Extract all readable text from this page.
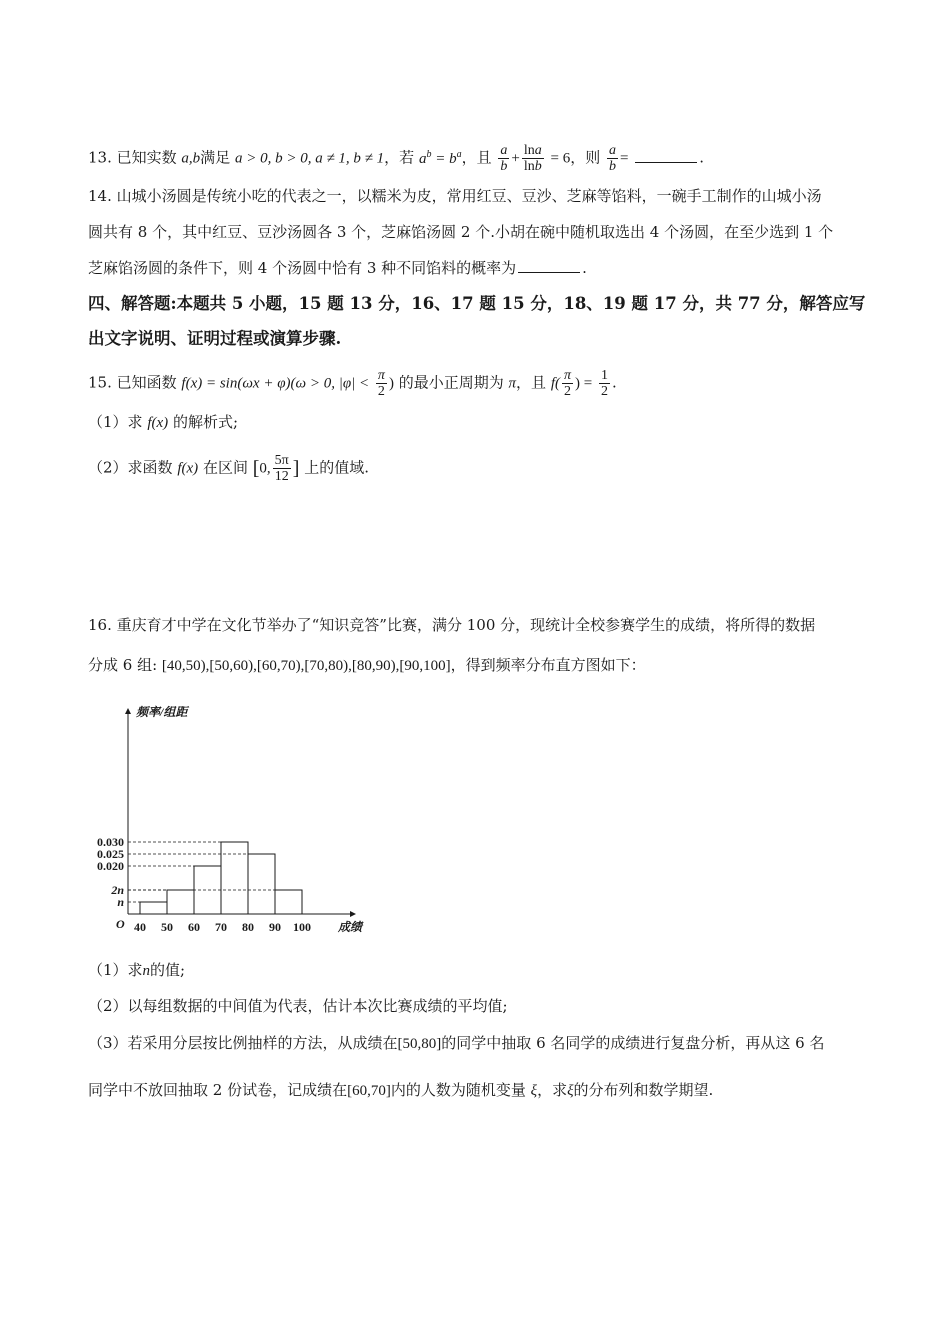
13. 已知实数 a,b满足 a > 0, b > 0, a ≠ 1, b ≠ 1，若 $a^b = b^a$，且 $\frac{a}{b} + \frac{\ln a}{\ln b} = 6$，则 $\frac{a}{b}$ =	.
14. 山城小汤圆是传统小吃的代表之一，以糯米为皮，常用红豆、豆沙、芝麻等馅料，一碗手工制作的山城小汤
圆共有 8 个，其中红豆、豆沙汤圆各 3 个，芝麻馅汤圆 2 个.小胡在碗中随机取选出 4 个汤圆，在至少选到 1 个
芝麻馅汤圆的条件下，则 4 个汤圆中恰有 3 种不同馅料的概率为	.
四、解答题:本题共 5 小题，15 题 13 分，16、17 题 15 分，18、19 题 17 分，共 77 分，解答应写
出文字说明、证明过程或演算步骤.
15. 已知函数 f(x) = sin(ωx + φ)(ω > 0, $|\varphi| < \frac{\pi}{2}$ ) 的最小正周期为 π，且 $f( \frac{\pi}{2}$ ) = $\frac{1}{2}$ .
（1）求 f(x) 的解析式;
（2）求函数 f(x) 在区间 [0, $\frac{5\pi}{12}$ ] 上的值域.
16. 重庆育才中学在文化节举办了“知识竞答”比赛，满分 100 分，现统计全校参赛学生的成绩，将所得的数据
分成 6 组: [40,50),[50,60),[60,70),[70,80),[80,90),[90,100]，得到频率分布直方图如下：
n
2n
0.020
0.025
0.030
40 50 60 70 80 90 100
O
频率/组距
成绩
（1）求n的值;
（2）以每组数据的中间值为代表，估计本次比赛成绩的平均值;
（3）若采用分层按比例抽样的方法，从成绩在[50,80]的同学中抽取 6 名同学的成绩进行复盘分析，再从这 6 名
同学中不放回抽取 2 份试卷，记成绩在[60,70]内的人数为随机变量 ξ，求ξ的分布列和数学期望.
